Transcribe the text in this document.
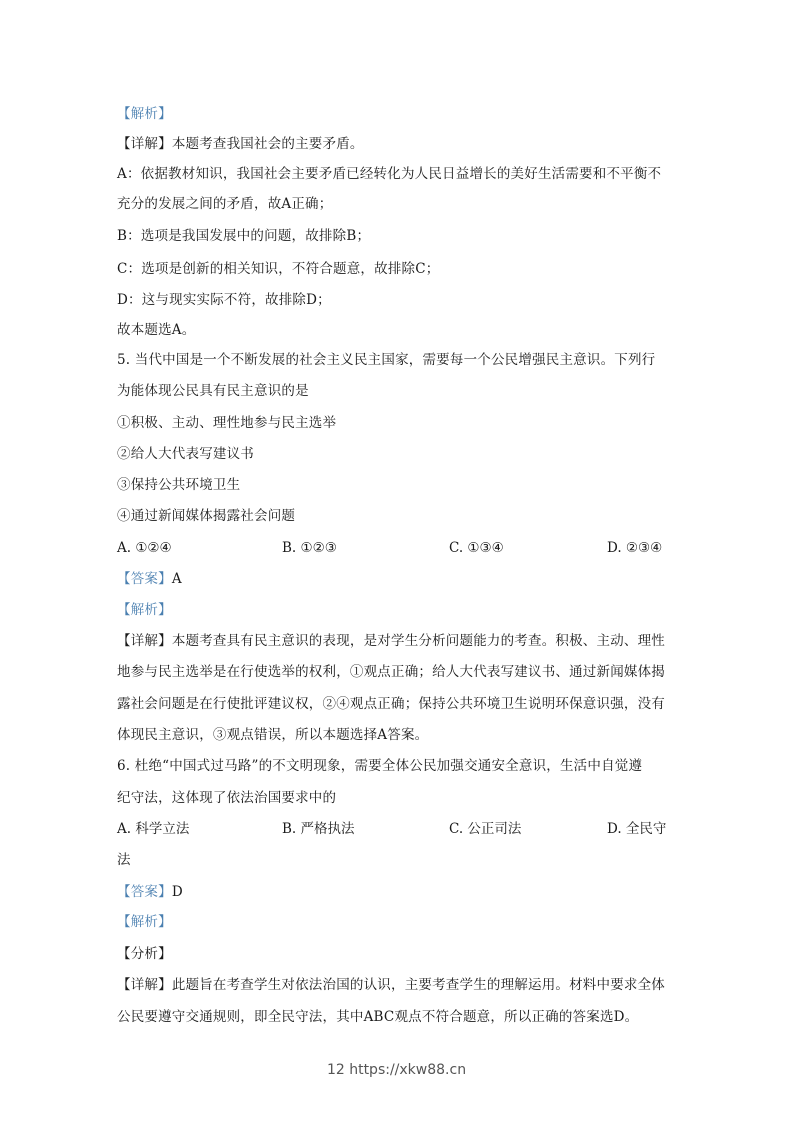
【解析】
【详解】本题考查我国社会的主要矛盾。
A：依据教材知识，我国社会主要矛盾已经转化为人民日益增长的美好生活需要和不平衡不
充分的发展之间的矛盾，故A正确；
B：选项是我国发展中的问题，故排除B；
C：选项是创新的相关知识，不符合题意，故排除C；
D：这与现实实际不符，故排除D；
故本题选A。
5. 当代中国是一个不断发展的社会主义民主国家，需要每一个公民增强民主意识。下列行
为能体现公民具有民主意识的是
①积极、主动、理性地参与民主选举
②给人大代表写建议书
③保持公共环境卫生
④通过新闻媒体揭露社会问题
A. ①②④	B. ①②③	C. ①③④	D. ②③④
【答案】A
【解析】
【详解】本题考查具有民主意识的表现，是对学生分析问题能力的考查。积极、主动、理性
地参与民主选举是在行使选举的权利，①观点正确；给人大代表写建议书、通过新闻媒体揭
露社会问题是在行使批评建议权，②④观点正确；保持公共环境卫生说明环保意识强，没有
体现民主意识，③观点错误，所以本题选择A答案。
6. 杜绝“中国式过马路”的不文明现象，需要全体公民加强交通安全意识，生活中自觉遵
纪守法，这体现了依法治国要求中的
A. 科学立法	B. 严格执法	C. 公正司法	D. 全民守
法
【答案】D
【解析】
【分析】
【详解】此题旨在考查学生对依法治国的认识，主要考查学生的理解运用。材料中要求全体
公民要遵守交通规则，即全民守法，其中ABC观点不符合题意，所以正确的答案选D。
12 https://xkw88.cn
